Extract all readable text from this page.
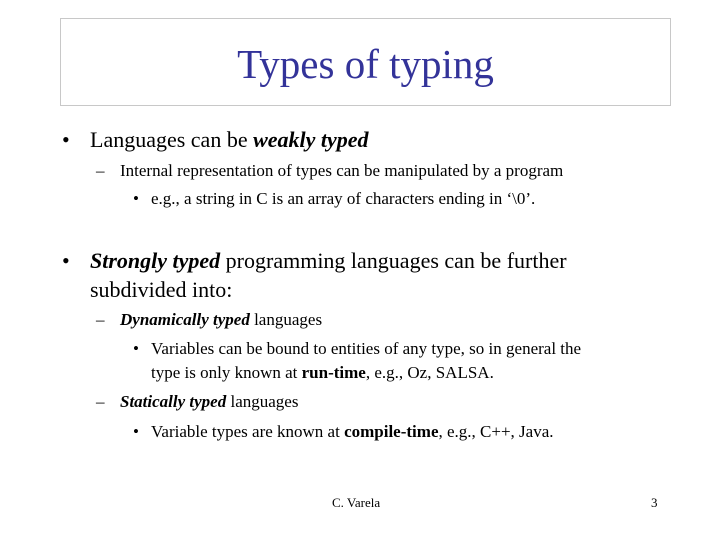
Types of typing
• Languages can be weakly typed
– Internal representation of types can be manipulated by a program
• e.g., a string in C is an array of characters ending in ‘\0’.
• Strongly typed programming languages can be further
subdivided into:
– Dynamically typed languages
• Variables can be bound to entities of any type, so in general the
type is only known at run-time, e.g., Oz, SALSA.
– Statically typed languages
• Variable types are known at compile-time, e.g., C++, Java.
C. Varela	3
